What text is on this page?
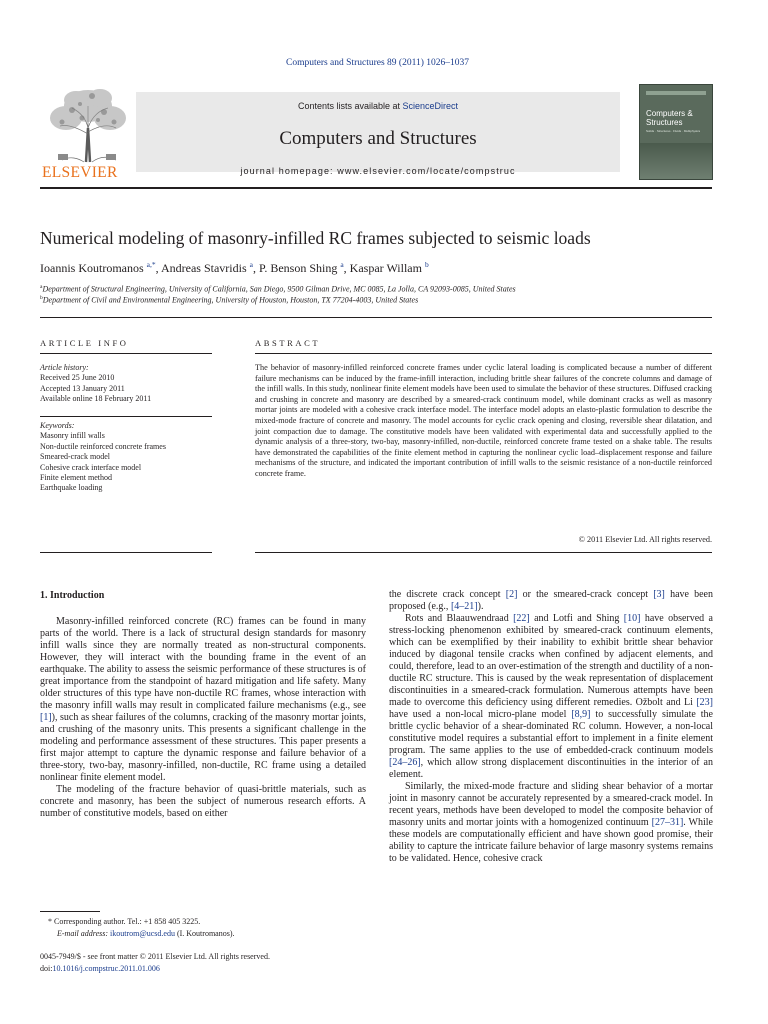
Computers and Structures 89 (2011) 1026–1037
ELSEVIER
Contents lists available at ScienceDirect
Computers and Structures
journal homepage: www.elsevier.com/locate/compstruc
Computers & Structures
Solids · Structures · Fluids · Multiphysics
Numerical modeling of masonry-infilled RC frames subjected to seismic loads
Ioannis Koutromanos $^{a,*}$, Andreas Stavridis $^a$, P. Benson Shing $^a$, Kaspar Willam $^b$
$^a$Department of Structural Engineering, University of California, San Diego, 9500 Gilman Drive, MC 0085, La Jolla, CA 92093-0085, United States
$^b$Department of Civil and Environmental Engineering, University of Houston, Houston, TX 77204-4003, United States
ARTICLE INFO
Article history:
Received 25 June 2010
Accepted 13 January 2011
Available online 18 February 2011
Keywords:
Masonry infill walls
Non-ductile reinforced concrete frames
Smeared-crack model
Cohesive crack interface model
Finite element method
Earthquake loading
ABSTRACT
The behavior of masonry-infilled reinforced concrete frames under cyclic lateral loading is complicated because a number of different failure mechanisms can be induced by the frame-infill interaction, including brittle shear failures of the concrete columns and damage of the infill walls. In this study, nonlinear finite element models have been used to simulate the behavior of these structures. Diffused cracking and crushing in concrete and masonry are described by a smeared-crack continuum model, while dominant cracks as well as masonry mortar joints are modeled with a cohesive crack interface model. The interface model adopts an elasto-plastic formulation to describe the mixed-mode fracture of concrete and masonry. The model accounts for cyclic crack opening and closing, reversible shear dilatation, and joint compaction due to damage. The constitutive models have been validated with experimental data and successfully applied to the dynamic analysis of a three-story, two-bay, masonry-infilled, non-ductile, reinforced concrete frame tested on a shake table. The results have demonstrated the capabilities of the finite element method in capturing the nonlinear cyclic load–displacement response and failure mechanisms of the structure, and indicated the important contribution of infill walls to the seismic resistance of a non-ductile reinforced concrete frame.
© 2011 Elsevier Ltd. All rights reserved.
1. Introduction

Masonry-infilled reinforced concrete (RC) frames can be found in many parts of the world. There is a lack of structural design standards for masonry infill walls since they are normally treated as non-structural components. However, they will interact with the bounding frame in the event of an earthquake. The ability to assess the seismic performance of these structures is of great importance from the standpoint of hazard mitigation and life safety. Many older structures of this type have non-ductile RC frames, whose interaction with the masonry infill walls may result in complicated failure mechanisms (e.g., see [1]), such as shear failures of the columns, cracking of the masonry mortar joints, and crushing of the masonry units. This presents a significant challenge in the modeling and performance assessment of these structures. This paper presents a first major attempt to capture the dynamic response and failure behavior of a three-story, two-bay, masonry-infilled, non-ductile, RC frame using a detailed nonlinear finite element model.

The modeling of the fracture behavior of quasi-brittle materials, such as concrete and masonry, has been the subject of numerous research efforts. A number of constitutive models, based on either

the discrete crack concept [2] or the smeared-crack concept [3] have been proposed (e.g., [4–21]).

Rots and Blaauwendraad [22] and Lotfi and Shing [10] have observed a stress-locking phenomenon exhibited by smeared-crack continuum elements, which can be exemplified by their inability to exhibit brittle shear behavior induced by diagonal tensile cracks when confined by adjacent elements, and could, therefore, lead to an over-estimation of the strength and ductility of a non-ductile RC structure. This is caused by the weak representation of displacement discontinuities in a smeared-crack formulation. Numerous attempts have been made to overcome this deficiency using different remedies. Ožbolt and Li [23] have used a non-local micro-plane model [8,9] to successfully simulate the brittle cyclic behavior of a shear-dominated RC column. However, a non-local constitutive model requires a substantial effort to implement in a finite element program. The same applies to the use of embedded-crack continuum models [24–26], which allow strong displacement discontinuities in the interior of an element.

Similarly, the mixed-mode fracture and sliding shear behavior of a mortar joint in masonry cannot be accurately represented by a smeared-crack model. In recent years, methods have been developed to model the composite behavior of masonry units and mortar joints with a homogenized continuum [27–31]. While these models are computationally efficient and have shown good promise, their ability to capture the intricate failure behavior of large masonry systems remains to be validated. Hence, cohesive crack

* Corresponding author. Tel.: +1 858 405 3225.
E-mail address: ikoutrom@ucsd.edu (I. Koutromanos).
0045-7949/$ - see front matter © 2011 Elsevier Ltd. All rights reserved.
doi:10.1016/j.compstruc.2011.01.006
